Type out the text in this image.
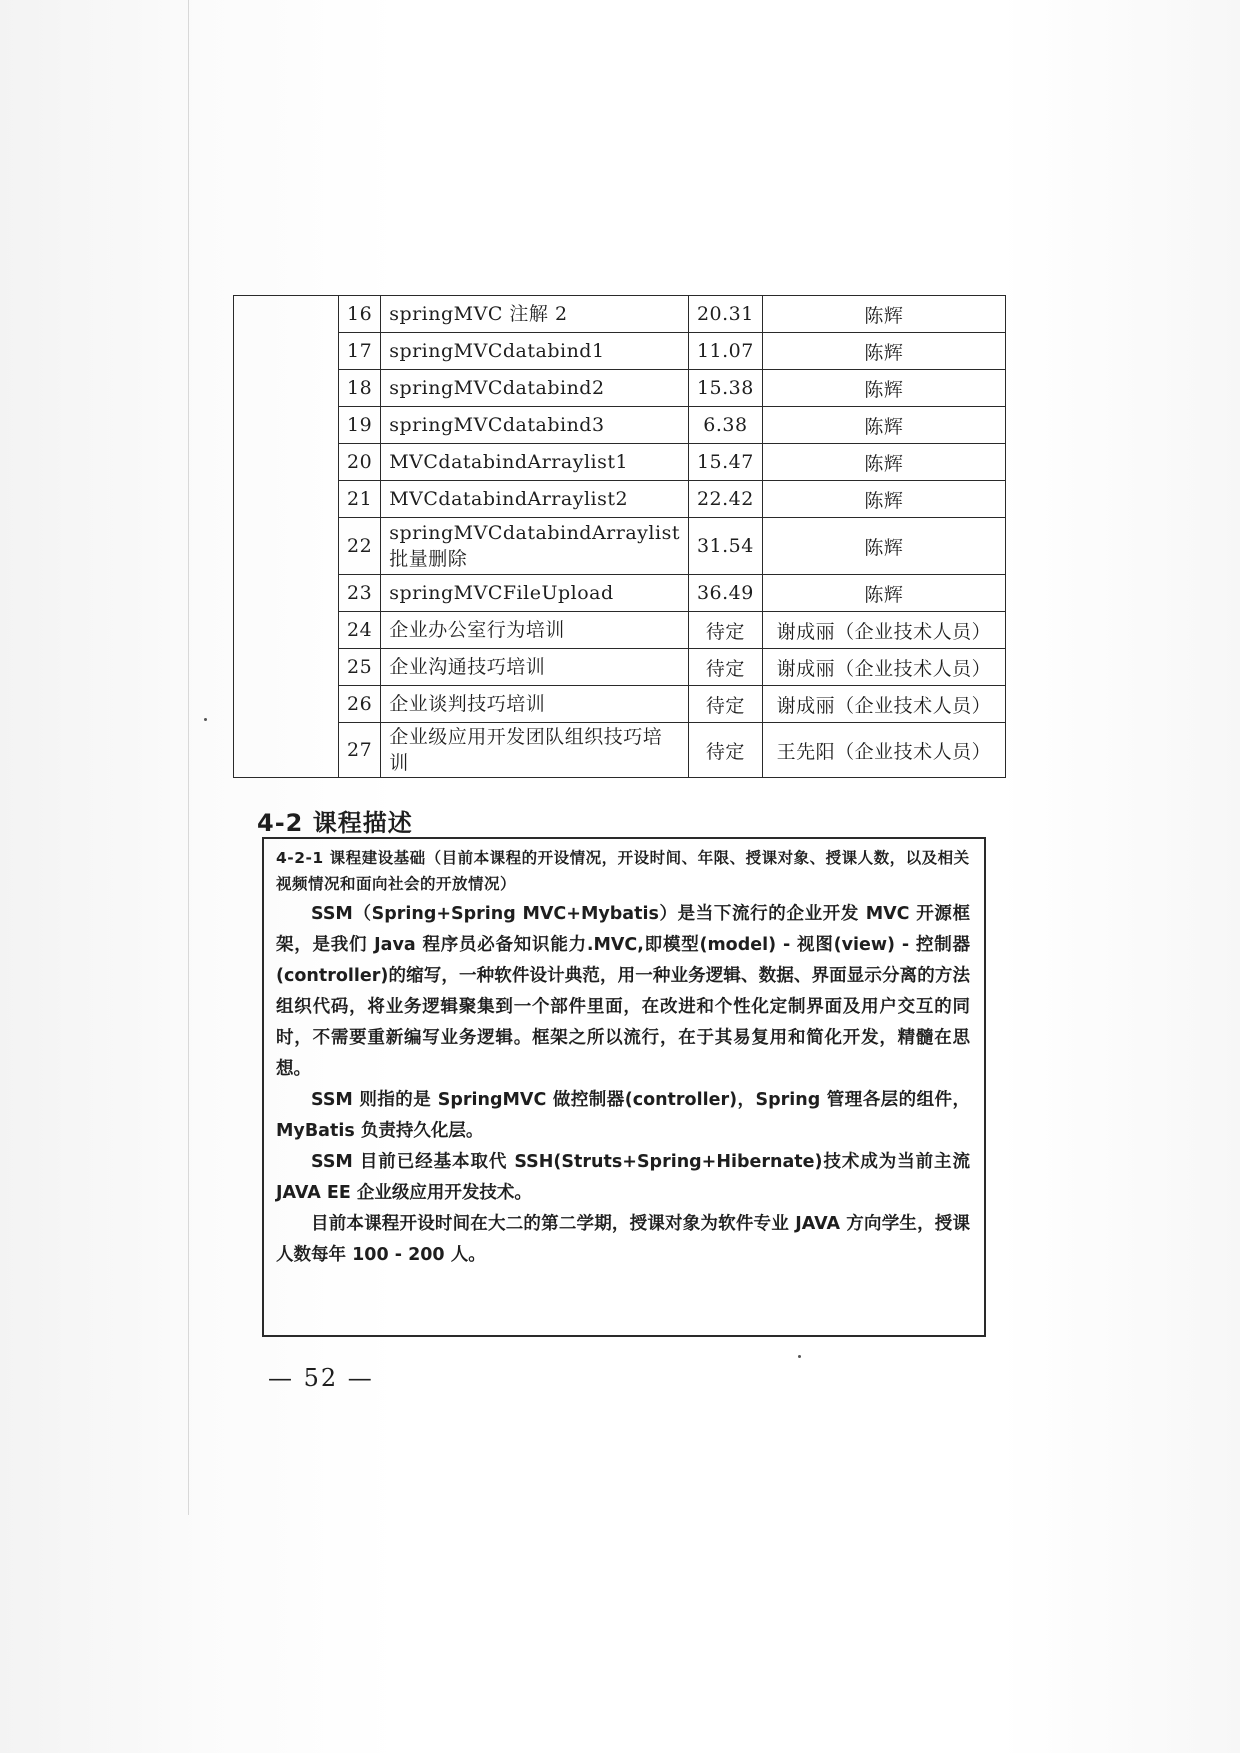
	16	springMVC 注解 2	20.31	陈辉
	17	springMVCdatabind1	11.07	陈辉
	18	springMVCdatabind2	15.38	陈辉
	19	springMVCdatabind3	6.38	陈辉
	20	MVCdatabindArraylist1	15.47	陈辉
	21	MVCdatabindArraylist2	22.42	陈辉
	22	springMVCdatabindArraylist 批量删除	31.54	陈辉
	23	springMVCFileUpload	36.49	陈辉
	24	企业办公室行为培训	待定	谢成丽（企业技术人员）
	25	企业沟通技巧培训	待定	谢成丽（企业技术人员）
	26	企业谈判技巧培训	待定	谢成丽（企业技术人员）
	27	企业级应用开发团队组织技巧培训	待定	王先阳（企业技术人员）
4-2 课程描述
4-2-1 课程建设基础（目前本课程的开设情况，开设时间、年限、授课对象、授课人数，以及相关视频情况和面向社会的开放情况）

SSM（Spring+Spring MVC+Mybatis）是当下流行的企业开发 MVC 开源框架，是我们 Java 程序员必备知识能力.MVC,即模型(model) - 视图(view) - 控制器(controller)的缩写，一种软件设计典范，用一种业务逻辑、数据、界面显示分离的方法组织代码，将业务逻辑聚集到一个部件里面，在改进和个性化定制界面及用户交互的同时，不需要重新编写业务逻辑。框架之所以流行，在于其易复用和简化开发，精髓在思想。

SSM 则指的是 SpringMVC 做控制器(controller)，Spring 管理各层的组件，MyBatis 负责持久化层。

SSM 目前已经基本取代 SSH(Struts+Spring+Hibernate)技术成为当前主流 JAVA EE 企业级应用开发技术。

目前本课程开设时间在大二的第二学期，授课对象为软件专业 JAVA 方向学生，授课人数每年 100 - 200 人。

— 52 —
